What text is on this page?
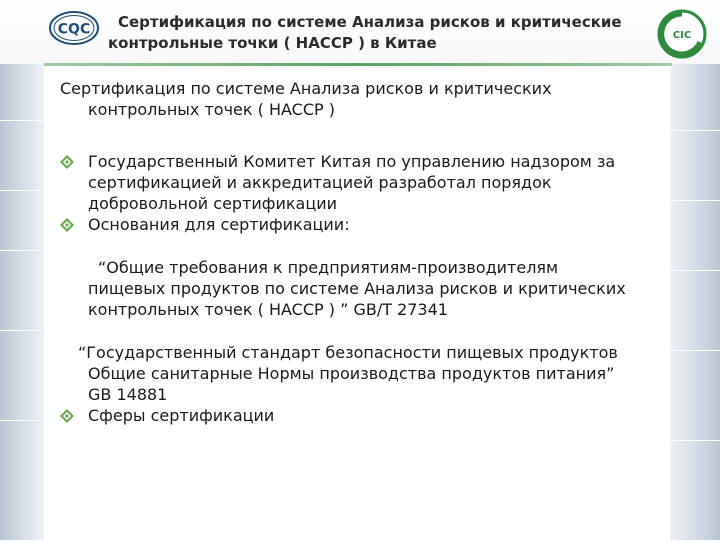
CQC	CIC
Сертификация по системе Анализа рисков и критические
контрольные точки ( HACCP ) в Китае

Сертификация по системе Анализа рисков и критических

контрольных точек ( HACCP )

Государственный Комитет Китая по управлению надзором за
сертификацией и аккредитацией разработал порядок
добровольной сертификации
Основания для сертификации:
“Общие требования к предприятиям-производителям
пищевых продуктов по системе Анализа рисков и критических
контрольных точек ( HACCP ) ” GB/T 27341
“Государственный стандарт безопасности пищевых продуктов
Общие санитарные Нормы производства продуктов питания”
GB 14881
Сферы сертификации
